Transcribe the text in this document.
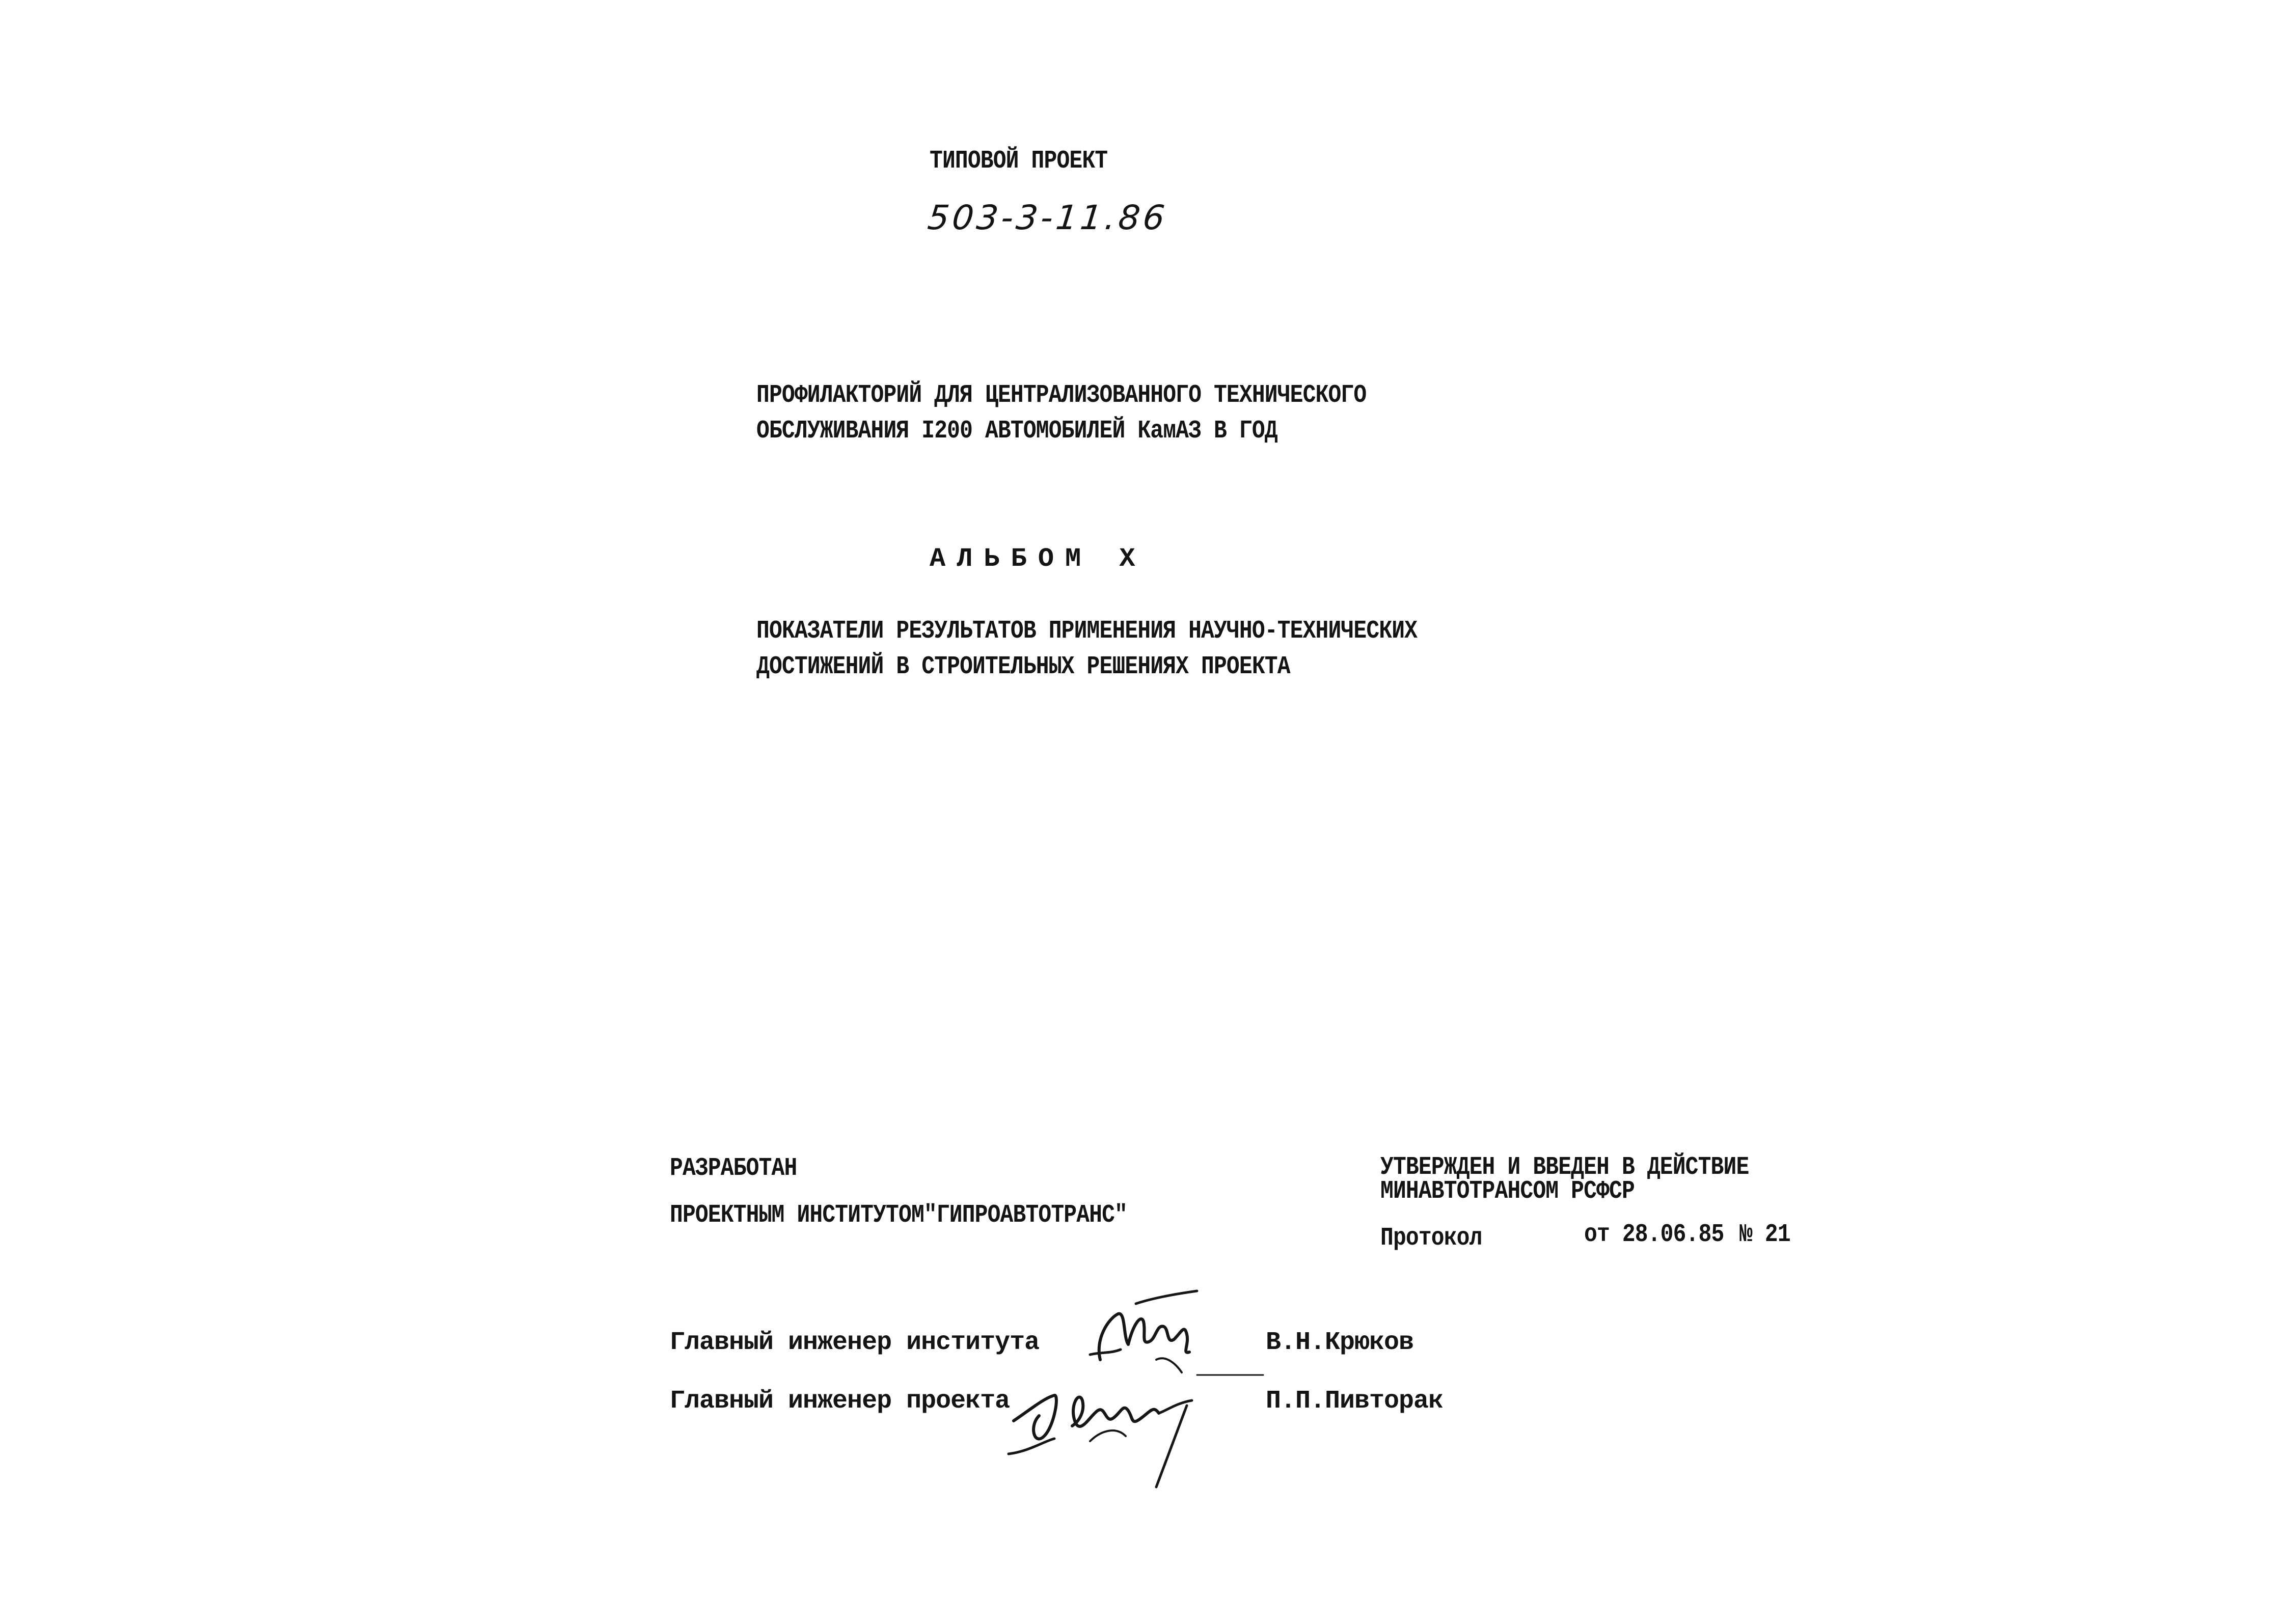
ТИПОВОЙ ПРОЕКТ
503-3-11.86
ПРОФИЛАКТОРИЙ ДЛЯ ЦЕНТРАЛИЗОВАННОГО ТЕХНИЧЕСКОГО
ОБСЛУЖИВАНИЯ I200 АВТОМОБИЛЕЙ КамАЗ В ГОД
АЛЬБОМ Х
ПОКАЗАТЕЛИ РЕЗУЛЬТАТОВ ПРИМЕНЕНИЯ НАУЧНО-ТЕХНИЧЕСКИХ
ДОСТИЖЕНИЙ В СТРОИТЕЛЬНЫХ РЕШЕНИЯХ ПРОЕКТА
РАЗРАБОТАН
ПРОЕКТНЫМ ИНСТИТУТОМ"ГИПРОАВТОТРАНС"
УТВЕРЖДЕН И ВВЕДЕН В ДЕЙСТВИЕ
МИНАВТОТРАНСОМ РСФСР
Протокол	от 28.06.85 № 21
Главный инженер института	В.Н.Крюков
Главный инженер проекта	П.П.Пивторак
